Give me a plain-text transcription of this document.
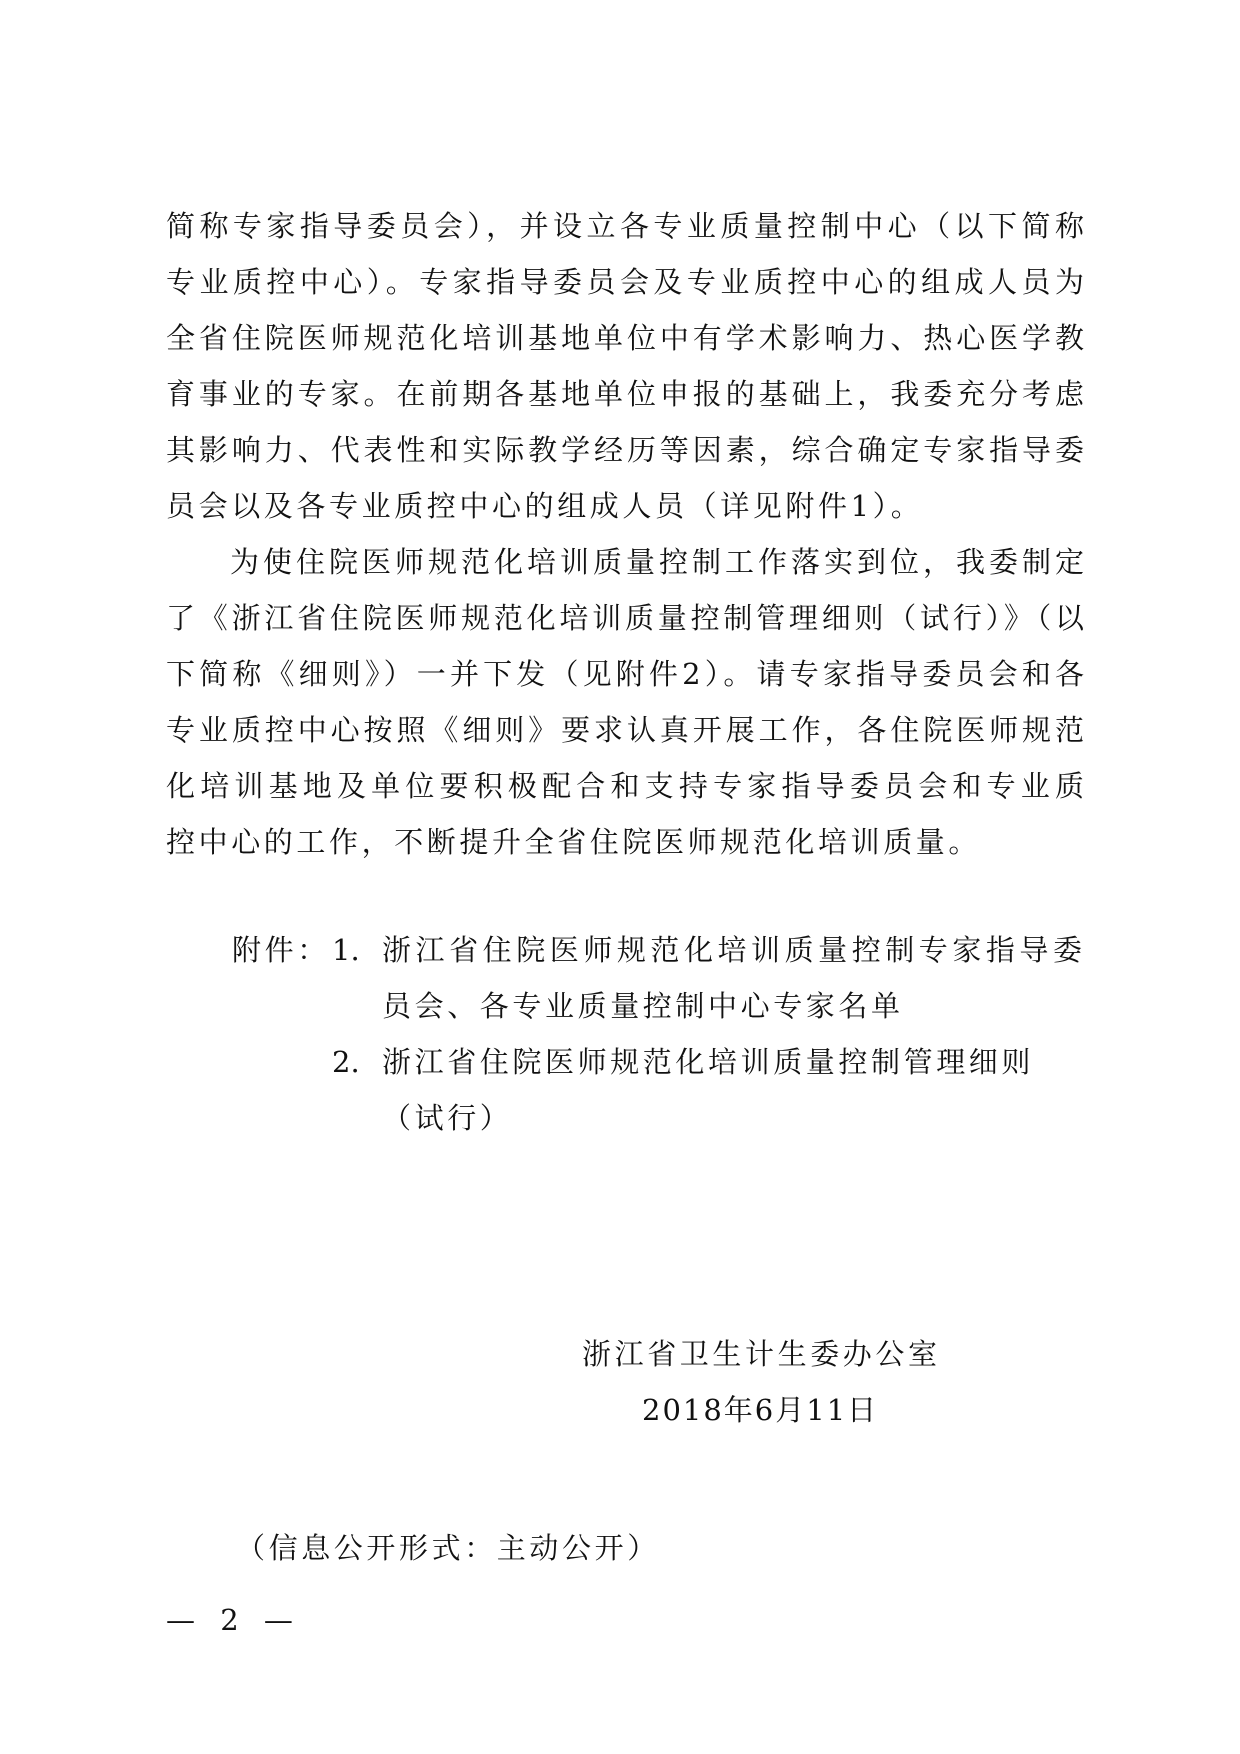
简称专家指导委员会），并设立各专业质量控制中心（以下简称
专业质控中心）。专家指导委员会及专业质控中心的组成人员为
全省住院医师规范化培训基地单位中有学术影响力、热心医学教
育事业的专家。在前期各基地单位申报的基础上，我委充分考虑
其影响力、代表性和实际教学经历等因素，综合确定专家指导委
员会以及各专业质控中心的组成人员（详见附件1）。
为使住院医师规范化培训质量控制工作落实到位，我委制定
了《浙江省住院医师规范化培训质量控制管理细则（试行）》（以
下简称《细则》）一并下发（见附件2）。请专家指导委员会和各
专业质控中心按照《细则》要求认真开展工作，各住院医师规范
化培训基地及单位要积极配合和支持专家指导委员会和专业质
控中心的工作，不断提升全省住院医师规范化培训质量。
附件： 1. 浙江省住院医师规范化培训质量控制专家指导委
员会、各专业质量控制中心专家名单
2. 浙江省住院医师规范化培训质量控制管理细则
（试行）
浙江省卫生计生委办公室
2018年6月11日
（信息公开形式：主动公开）
— 2 —
